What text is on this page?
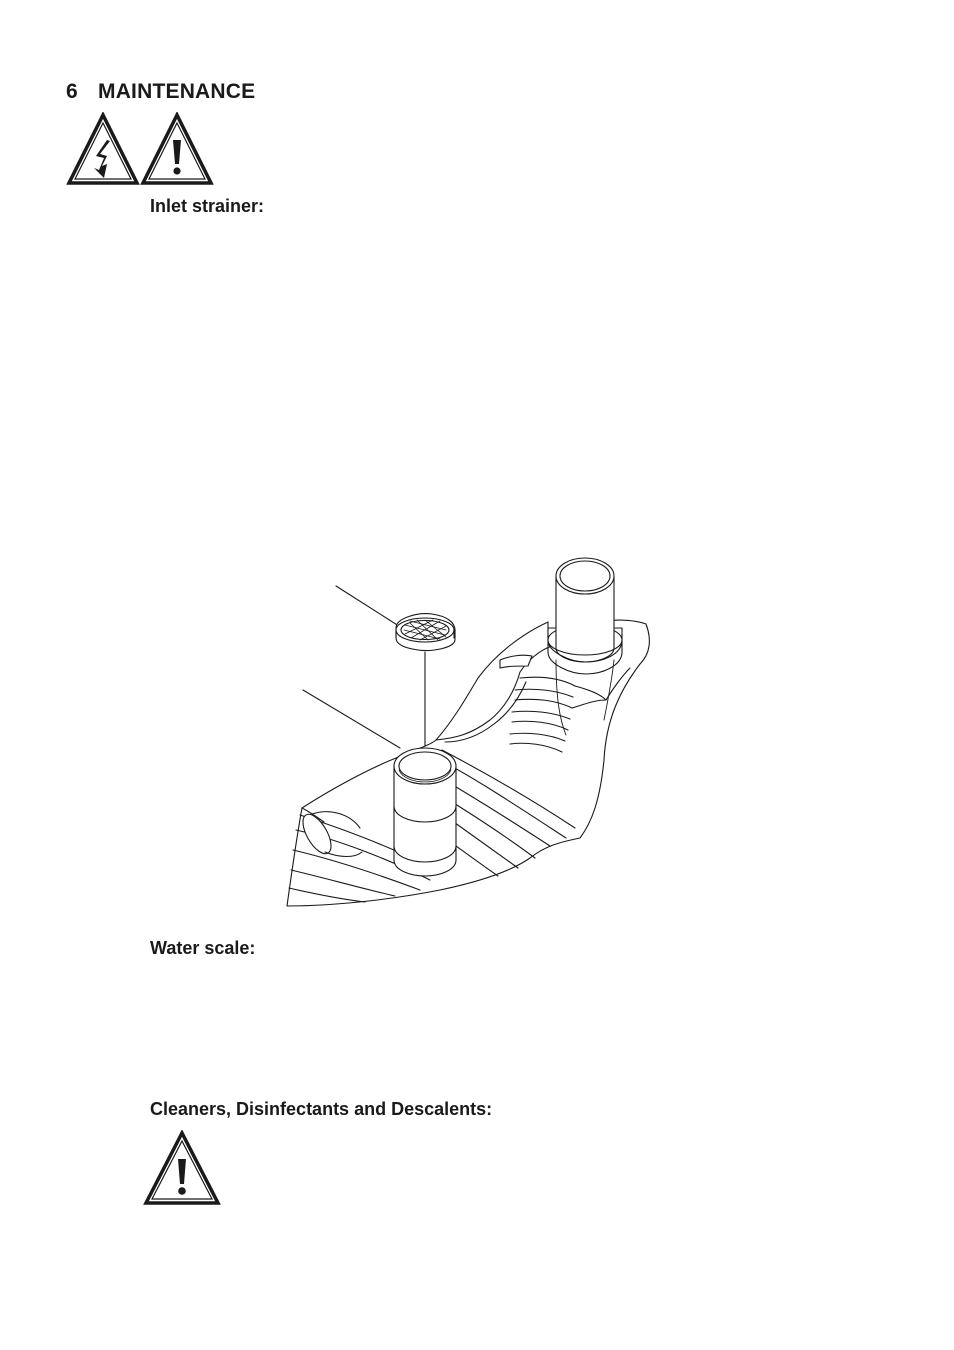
6 MAINTENANCE
Inlet strainer:
Water scale:
Cleaners, Disinfectants and Descalents:
